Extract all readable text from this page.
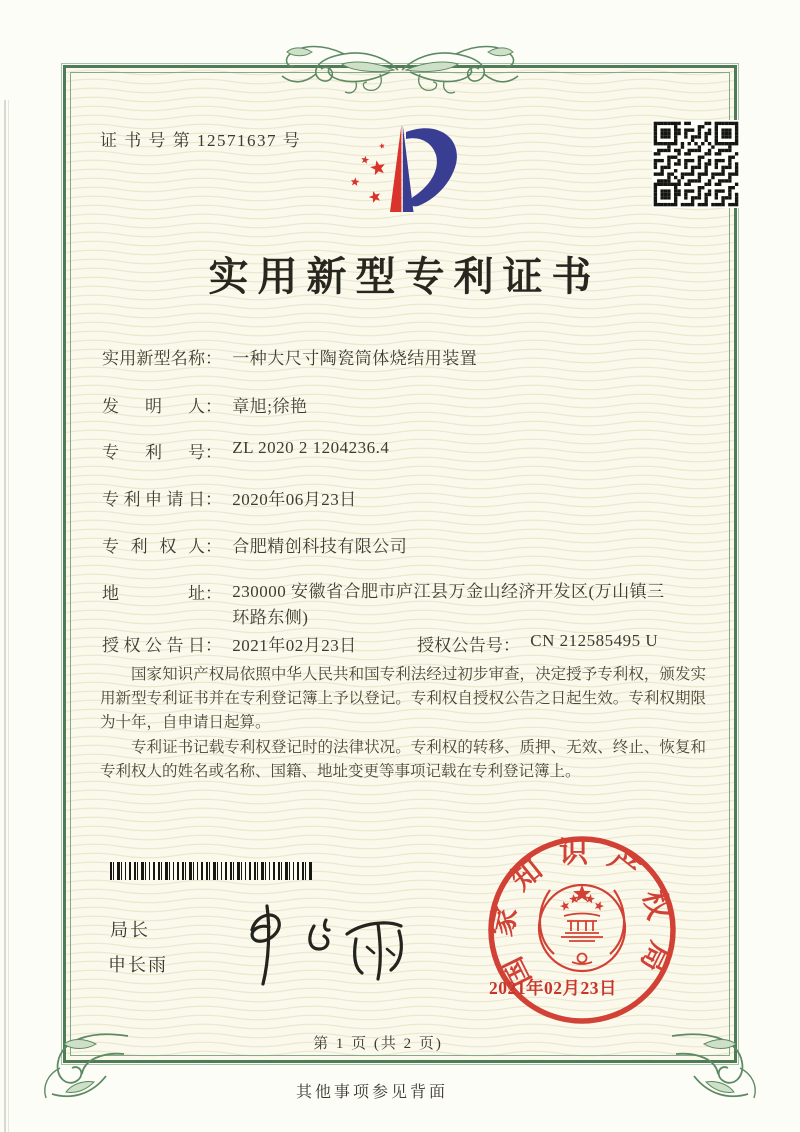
证 书 号 第 12571637 号
实用新型专利证书
实用新型名称： 一种大尺寸陶瓷筒体烧结用装置
发明人： 章旭;徐艳
专利号： ZL 2020 2 1204236.4
专利申请日： 2020年06月23日
专利权人： 合肥精创科技有限公司
地址： 230000 安徽省合肥市庐江县万金山经济开发区(万山镇三环路东侧)
授权公告日： 2021年02月23日	授权公告号： CN 212585495 U

国家知识产权局依照中华人民共和国专利法经过初步审查，决定授予专利权，颁发实用新型专利证书并在专利登记簿上予以登记。专利权自授权公告之日起生效。专利权期限为十年，自申请日起算。

专利证书记载专利权登记时的法律状况。专利权的转移、质押、无效、终止、恢复和专利权人的姓名或名称、国籍、地址变更等事项记载在专利登记簿上。

局长
申长雨	国家知识产权局
2021年02月23日
第 1 页 (共 2 页)
其他事项参见背面
